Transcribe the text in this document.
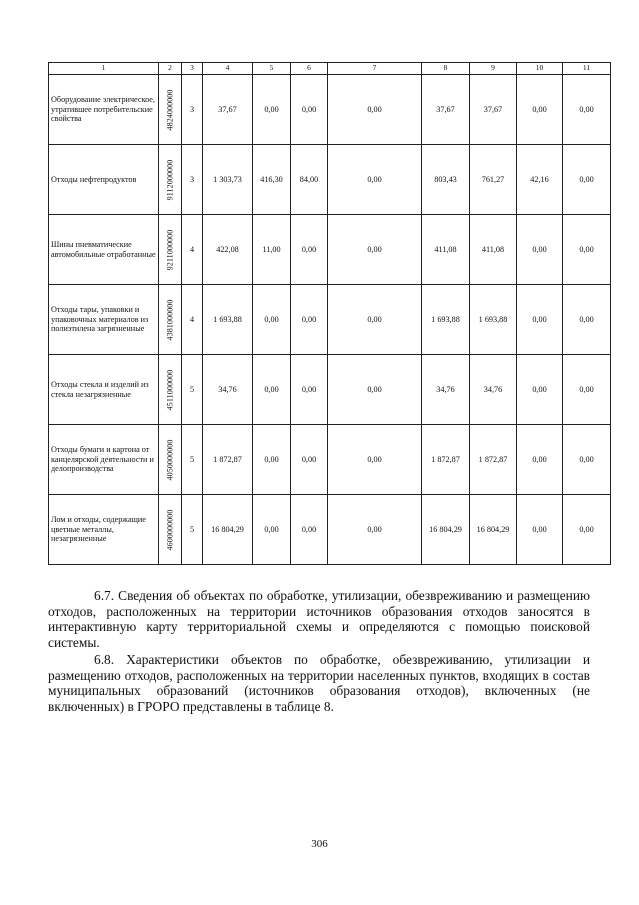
1	2	3	4	5	6	7	8	9	10	11
Оборудование электрическое, утратившее потребительские свойства	4824000000	3	37,67	0,00	0,00	0,00	37,67	37,67	0,00	0,00
Отходы нефтепродуктов	9112000000	3	1 303,73	416,30	84,00	0,00	803,43	761,27	42,16	0,00
Шины пневматические автомобильные отработанные	9211000000	4	422,08	11,00	0,00	0,00	411,08	411,08	0,00	0,00
Отходы тары, упаковки и упаковочных материалов из полиэтилена загрязненные	4381000000	4	1 693,88	0,00	0,00	0,00	1 693,88	1 693,88	0,00	0,00
Отходы стекла и изделий из стекла незагрязненные	4511000000	5	34,76	0,00	0,00	0,00	34,76	34,76	0,00	0,00
Отходы бумаги и картона от канцелярской деятельности и делопроизводства	4050000000	5	1 872,87	0,00	0,00	0,00	1 872,87	1 872,87	0,00	0,00
Лом и отходы, содержащие цветные металлы, незагрязненные	4600000000	5	16 804,29	0,00	0,00	0,00	16 804,29	16 804,29	0,00	0,00

6.7. Сведения об объектах по обработке, утилизации, обезвреживанию и размещению отходов, расположенных на территории источников образования отходов заносятся в интерактивную карту территориальной схемы и определяются с помощью поисковой системы.

6.8. Характеристики объектов по обработке, обезвреживанию, утилизации и размещению отходов, расположенных на территории населенных пунктов, входящих в состав муниципальных образований (источников образования отходов), включенных (не включенных) в ГРОРО представлены в таблице 8.

306
